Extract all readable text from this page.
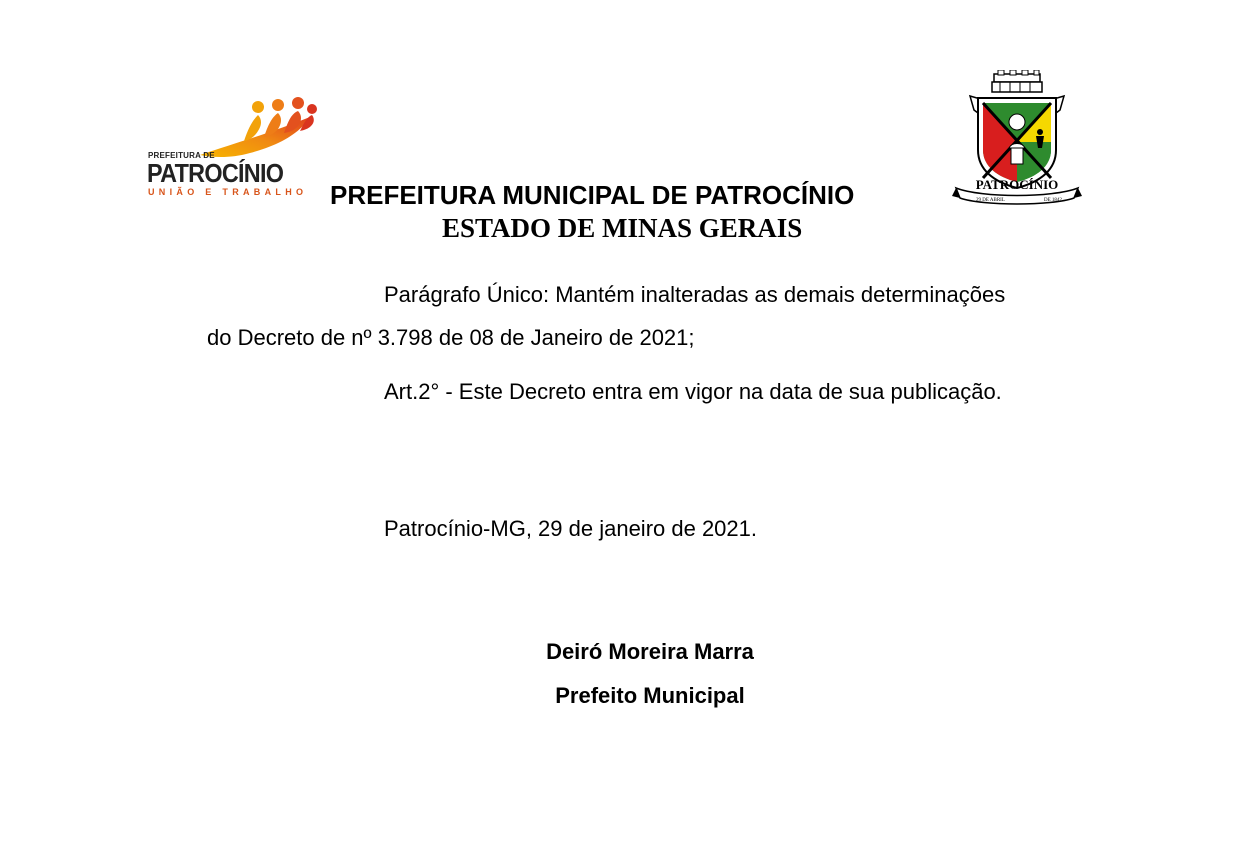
PREFEITURA DE
PATROCÍNIO
UNIÃO E TRABALHO	PATROCÍNIO
29 DE ABRIL	DE 1842
PREFEITURA MUNICIPAL DE PATROCÍNIO
ESTADO DE MINAS GERAIS
Parágrafo Único: Mantém inalteradas as demais determinações
do Decreto de nº 3.798 de 08 de Janeiro de 2021;
Art.2° - Este Decreto entra em vigor na data de sua publicação.
Patrocínio-MG, 29 de janeiro de 2021.
Deiró Moreira Marra
Prefeito Municipal
